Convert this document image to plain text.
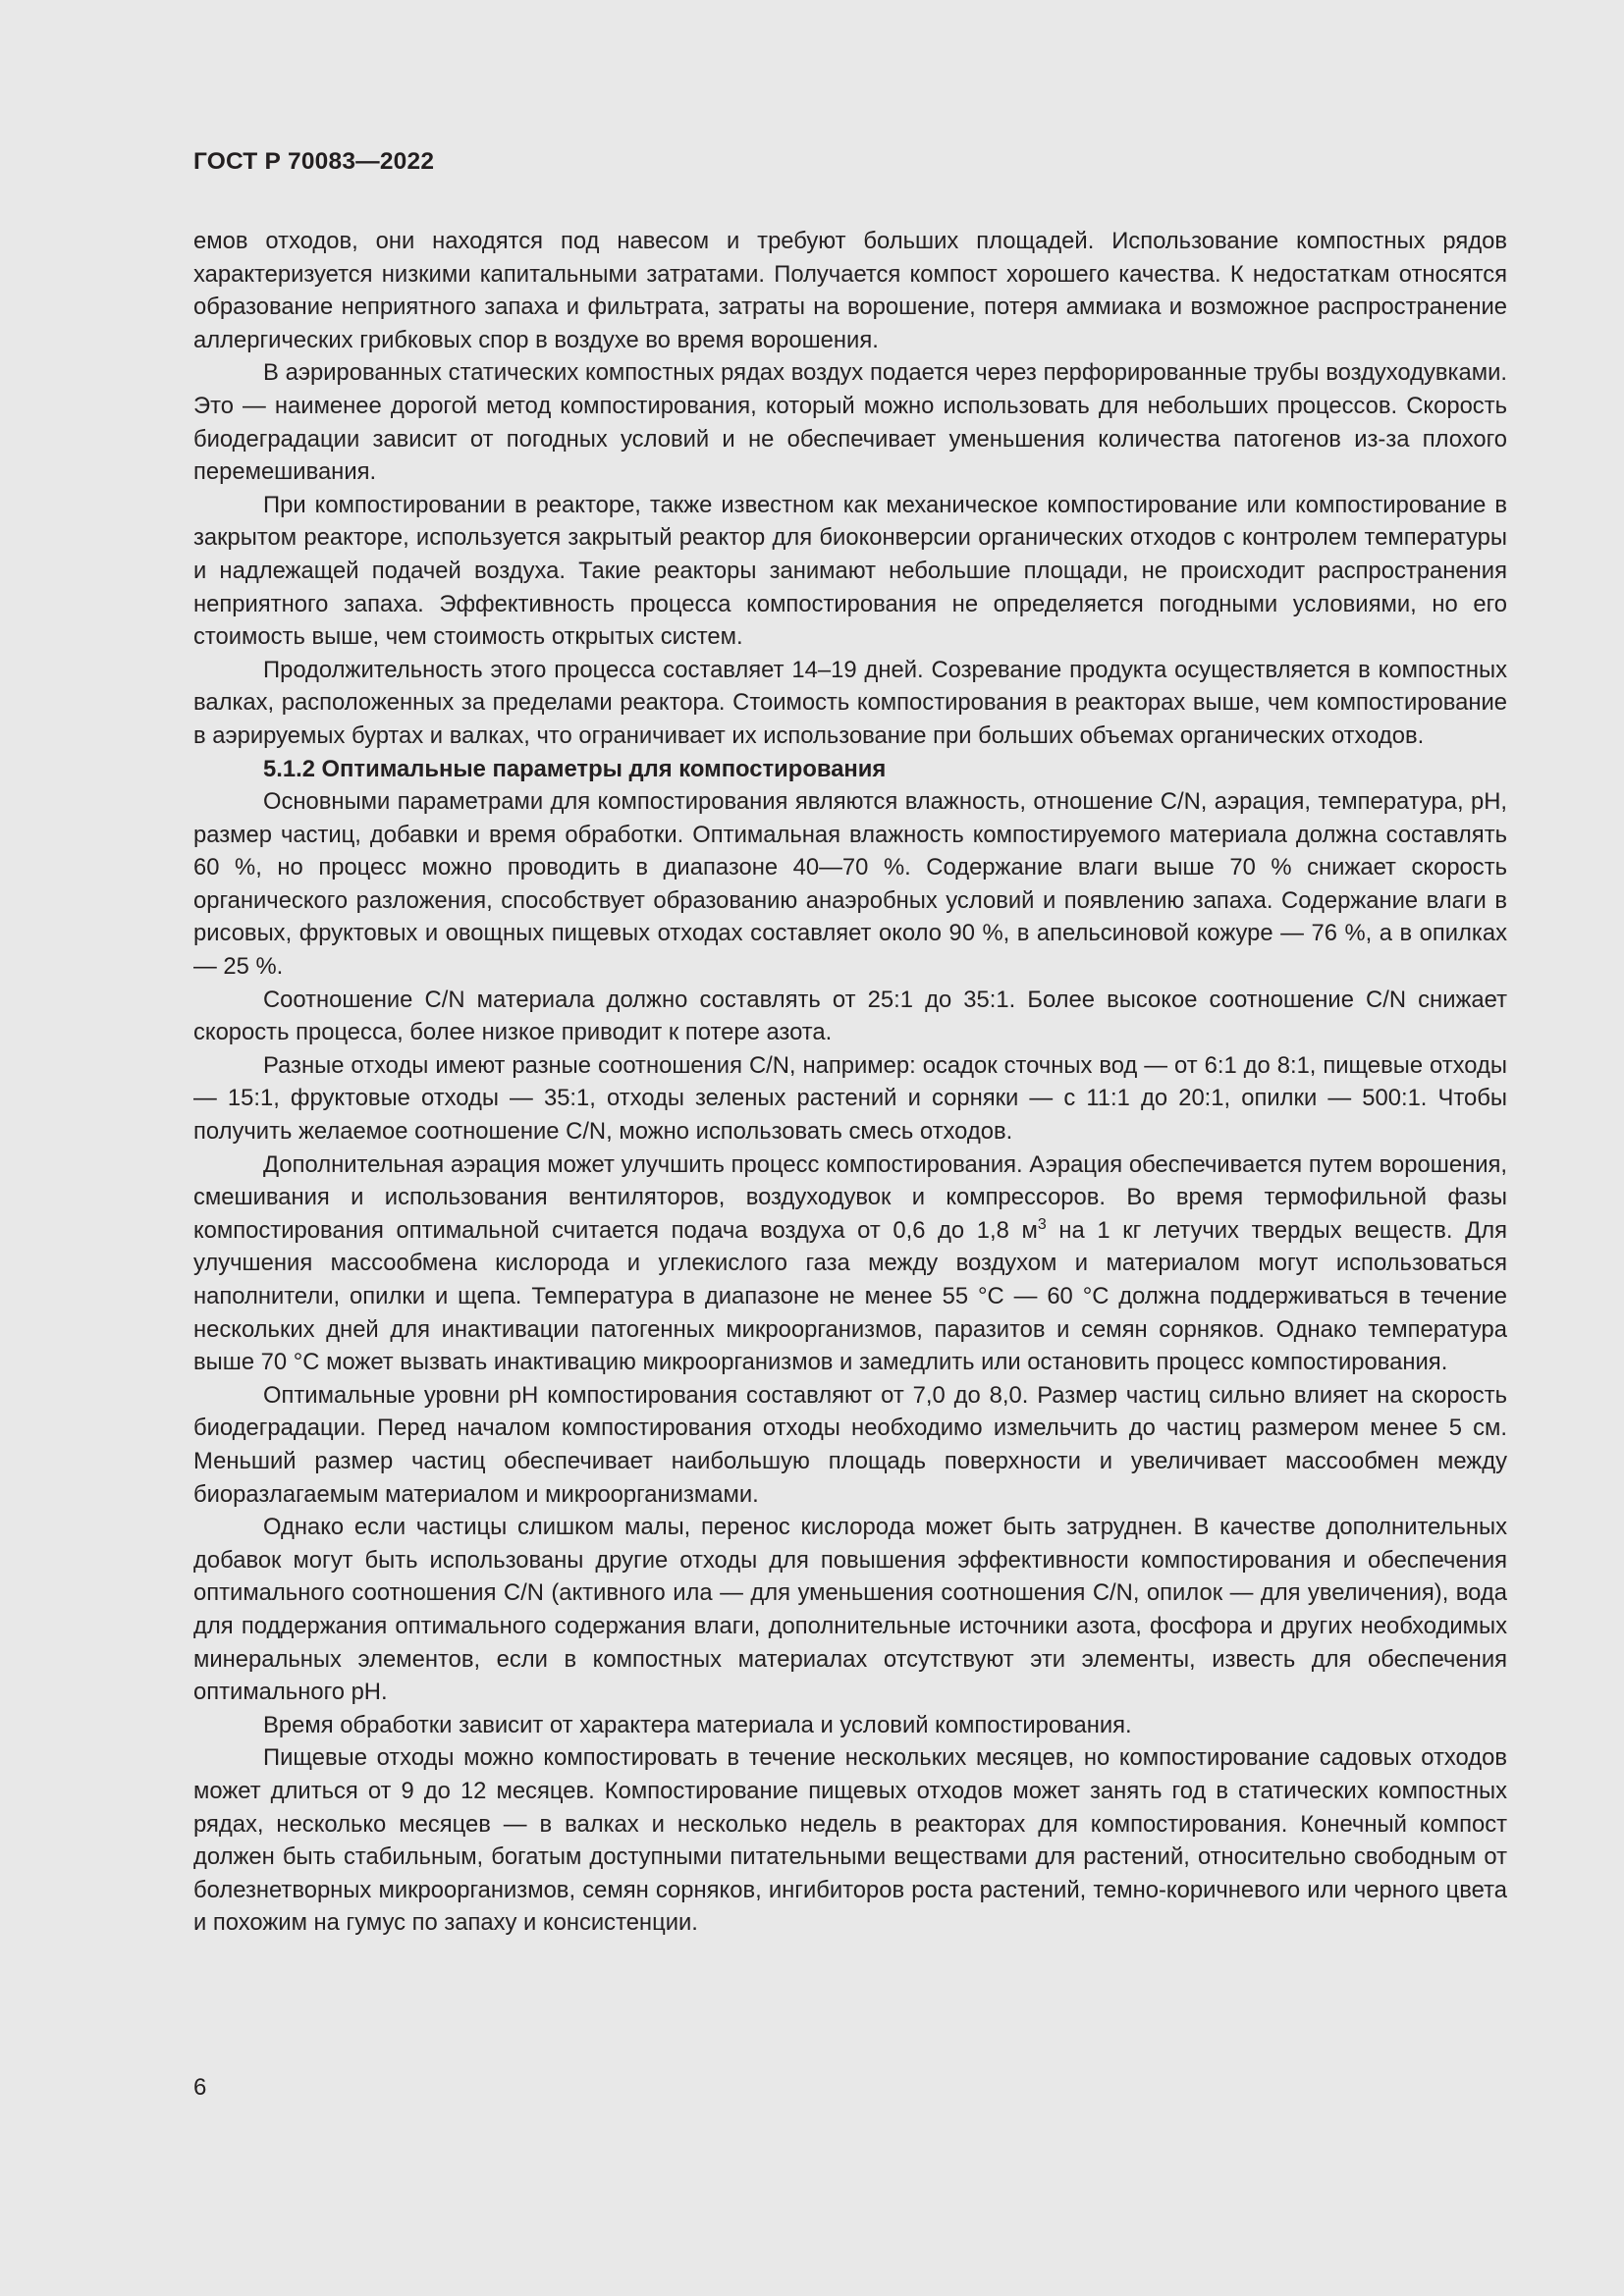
ГОСТ Р 70083—2022

емов отходов, они находятся под навесом и требуют больших площадей. Использование компостных рядов характеризуется низкими капитальными затратами. Получается компост хорошего качества. К недостаткам относятся образование неприятного запаха и фильтрата, затраты на ворошение, потеря аммиака и возможное распространение аллергических грибковых спор в воздухе во время ворошения.

В аэрированных статических компостных рядах воздух подается через перфорированные трубы воздуходувками. Это — наименее дорогой метод компостирования, который можно использовать для небольших процессов. Скорость биодеградации зависит от погодных условий и не обеспечивает уменьшения количества патогенов из-за плохого перемешивания.

При компостировании в реакторе, также известном как механическое компостирование или компостирование в закрытом реакторе, используется закрытый реактор для биоконверсии органических отходов с контролем температуры и надлежащей подачей воздуха. Такие реакторы занимают небольшие площади, не происходит распространения неприятного запаха. Эффективность процесса компостирования не определяется погодными условиями, но его стоимость выше, чем стоимость открытых систем.

Продолжительность этого процесса составляет 14–19 дней. Созревание продукта осуществляется в компостных валках, расположенных за пределами реактора. Стоимость компостирования в реакторах выше, чем компостирование в аэрируемых буртах и валках, что ограничивает их использование при больших объемах органических отходов.

5.1.2 Оптимальные параметры для компостирования

Основными параметрами для компостирования являются влажность, отношение C/N, аэрация, температура, pH, размер частиц, добавки и время обработки. Оптимальная влажность компостируемого материала должна составлять 60 %, но процесс можно проводить в диапазоне 40—70 %. Содержание влаги выше 70 % снижает скорость органического разложения, способствует образованию анаэробных условий и появлению запаха. Содержание влаги в рисовых, фруктовых и овощных пищевых отходах составляет около 90 %, в апельсиновой кожуре — 76 %, а в опилках — 25 %.

Соотношение C/N материала должно составлять от 25:1 до 35:1. Более высокое соотношение C/N снижает скорость процесса, более низкое приводит к потере азота.

Разные отходы имеют разные соотношения C/N, например: осадок сточных вод — от 6:1 до 8:1, пищевые отходы — 15:1, фруктовые отходы — 35:1, отходы зеленых растений и сорняки — с 11:1 до 20:1, опилки — 500:1. Чтобы получить желаемое соотношение C/N, можно использовать смесь отходов.

Дополнительная аэрация может улучшить процесс компостирования. Аэрация обеспечивается путем ворошения, смешивания и использования вентиляторов, воздуходувок и компрессоров. Во время термофильной фазы компостирования оптимальной считается подача воздуха от 0,6 до 1,8 $м^3$ на 1 кг летучих твердых веществ. Для улучшения массообмена кислорода и углекислого газа между воздухом и материалом могут использоваться наполнители, опилки и щепа. Температура в диапазоне не менее 55 °С — 60 °С должна поддерживаться в течение нескольких дней для инактивации патогенных микроорганизмов, паразитов и семян сорняков. Однако температура выше 70 °С может вызвать инактивацию микроорганизмов и замедлить или остановить процесс компостирования.

Оптимальные уровни pH компостирования составляют от 7,0 до 8,0. Размер частиц сильно влияет на скорость биодеградации. Перед началом компостирования отходы необходимо измельчить до частиц размером менее 5 см. Меньший размер частиц обеспечивает наибольшую площадь поверхности и увеличивает массообмен между биоразлагаемым материалом и микроорганизмами.

Однако если частицы слишком малы, перенос кислорода может быть затруднен. В качестве дополнительных добавок могут быть использованы другие отходы для повышения эффективности компостирования и обеспечения оптимального соотношения C/N (активного ила — для уменьшения соотношения C/N, опилок — для увеличения), вода для поддержания оптимального содержания влаги, дополнительные источники азота, фосфора и других необходимых минеральных элементов, если в компостных материалах отсутствуют эти элементы, известь для обеспечения оптимального pH.

Время обработки зависит от характера материала и условий компостирования.

Пищевые отходы можно компостировать в течение нескольких месяцев, но компостирование садовых отходов может длиться от 9 до 12 месяцев. Компостирование пищевых отходов может занять год в статических компостных рядах, несколько месяцев — в валках и несколько недель в реакторах для компостирования. Конечный компост должен быть стабильным, богатым доступными питательными веществами для растений, относительно свободным от болезнетворных микроорганизмов, семян сорняков, ингибиторов роста растений, темно-коричневого или черного цвета и похожим на гумус по запаху и консистенции.

6
